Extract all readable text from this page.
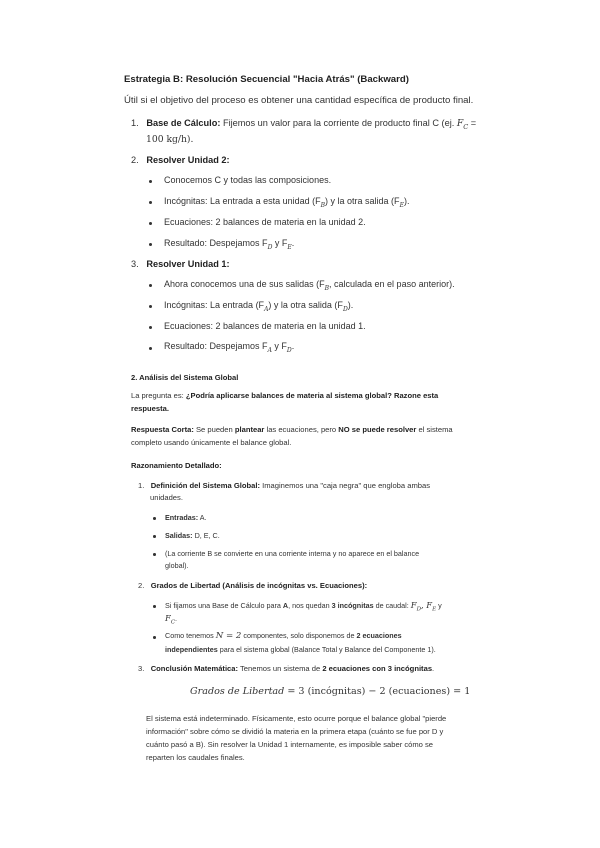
Estrategia B: Resolución Secuencial "Hacia Atrás" (Backward)
Útil si el objetivo del proceso es obtener una cantidad específica de producto final.
1. Base de Cálculo: Fijemos un valor para la corriente de producto final C (ej. $F_C$ =
100 kg/h).
2. Resolver Unidad 2:
Conocemos C y todas las composiciones.
Incógnitas: La entrada a esta unidad $(F_B)$ y la otra salida $(F_E)$.
Ecuaciones: 2 balances de materia en la unidad 2.
Resultado: Despejamos $F_D$ y $F_E$.
3. Resolver Unidad 1:
Ahora conocemos una de sus salidas ($F_B$, calculada en el paso anterior).
Incógnitas: La entrada $(F_A)$ y la otra salida $(F_D)$.
Ecuaciones: 2 balances de materia en la unidad 1.
Resultado: Despejamos $F_A$ y $F_D$.
2. Análisis del Sistema Global
La pregunta es: ¿Podría aplicarse balances de materia al sistema global? Razone esta
respuesta.
Respuesta Corta: Se pueden plantear las ecuaciones, pero NO se puede resolver el sistema
completo usando únicamente el balance global.
Razonamiento Detallado:
1. Definición del Sistema Global: Imaginemos una "caja negra" que engloba ambas
unidades.
Entradas: A.
Salidas: D, E, C.
(La corriente B se convierte en una corriente interna y no aparece en el balance
global).
2. Grados de Libertad (Análisis de incógnitas vs. Ecuaciones):
Si fijamos una Base de Cálculo para A, nos quedan 3 incógnitas de caudal: $F_D$, $F_E$ y
$F_C$.
Como tenemos N = 2 componentes, solo disponemos de 2 ecuaciones
independientes para el sistema global (Balance Total y Balance del Componente 1).
3. Conclusión Matemática: Tenemos un sistema de 2 ecuaciones con 3 incógnitas.
Grados de Libertad = 3 (incógnitas) − 2 (ecuaciones) = 1
El sistema está indeterminado. Físicamente, esto ocurre porque el balance global "pierde
información" sobre cómo se dividió la materia en la primera etapa (cuánto se fue por D y
cuánto pasó a B). Sin resolver la Unidad 1 internamente, es imposible saber cómo se
reparten los caudales finales.
